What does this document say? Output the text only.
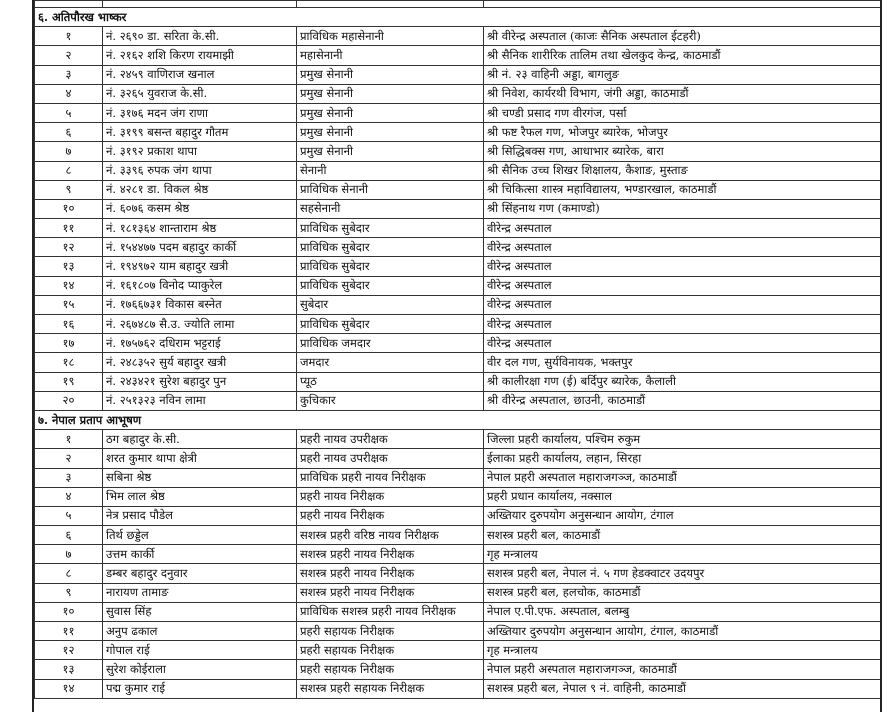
६. अतिपौरख भाष्कर			
१	नं. २६९० डा. सरिता के.सी.	प्राविधिक महासेनानी	श्री वीरेन्द्र अस्पताल (काजः सैनिक अस्पताल ईटहरी)
२	नं. २१६२ शशि किरण रायमाझी	महासेनानी	श्री सैनिक शारीरिक तालिम तथा खेलकुद केन्द्र, काठमाडौं
३	नं. २४५९ वाणिराज खनाल	प्रमुख सेनानी	श्री नं. २३ वाहिनी अड्डा, बागलुङ
४	नं. ३२६५ युवराज के.सी.	प्रमुख सेनानी	श्री निवेश, कार्यरथी विभाग, जंगी अड्डा, काठमाडौं
५	नं. ३१७६ मदन जंग राणा	प्रमुख सेनानी	श्री चण्डी प्रसाद गण वीरगंज, पर्सा
६	नं. ३१९९ बसन्त बहादुर गौतम	प्रमुख सेनानी	श्री फष्ट रैफल गण, भोजपुर ब्यारेक, भोजपुर
७	नं. ३१९२ प्रकाश थापा	प्रमुख सेनानी	श्री सिद्धिबक्स गण, आधाभार ब्यारेक, बारा
८	नं. ३३९६ रुपक जंग थापा	सेनानी	श्री सैनिक उच्च शिखर शिक्षालय, कैशाङ, मुस्ताङ
९	नं. ४२८१ डा. विकल श्रेष्ठ	प्राविधिक सेनानी	श्री चिकित्सा शास्त्र महाविद्यालय, भण्डारखाल, काठमाडौं
१०	नं. ६०७६ कसम श्रेष्ठ	सहसेनानी	श्री सिंहनाथ गण (कमाण्डो)
११	नं. १८१३६४ शान्ताराम श्रेष्ठ	प्राविधिक सुबेदार	वीरेन्द्र अस्पताल
१२	नं. १५४४७७ पदम बहादुर कार्की	प्राविधिक सुबेदार	वीरेन्द्र अस्पताल
१३	नं. १९४९७२ याम बहादुर खत्री	प्राविधिक सुबेदार	वीरेन्द्र अस्पताल
१४	नं. १६१८०७ विनोद प्याकुरेल	प्राविधिक सुबेदार	वीरेन्द्र अस्पताल
१५	नं. १७६६७३१ विकास बस्नेत	सुबेदार	वीरेन्द्र अस्पताल
१६	नं. २६७४८७ सै.उ. ज्योति लामा	प्राविधिक सुबेदार	वीरेन्द्र अस्पताल
१७	नं. १७५७६२ दधिराम भट्टराई	प्राविधिक जमदार	वीरेन्द्र अस्पताल
१८	नं. २४८३५२ सुर्य बहादुर खत्री	जमदार	वीर दल गण, सुर्यविनायक, भक्तपुर
१९	नं. २४३४२१ सुरेश बहादुर पुन	प्यूठ	श्री कालीरक्षा गण (ई) बर्दिपुर ब्यारेक, कैलाली
२०	नं. २५१३२३ नविन लामा	कुचिकार	श्री वीरेन्द्र अस्पताल, छाउनी, काठमाडौं
७. नेपाल प्रताप आभूषण			
१	ठग बहादुर के.सी.	प्रहरी नायव उपरीक्षक	जिल्ला प्रहरी कार्यालय, पश्चिम रुकुम
२	शरत कुमार थापा क्षेत्री	प्रहरी नायव उपरीक्षक	ईलाका प्रहरी कार्यालय, लहान, सिरहा
३	सबिना श्रेष्ठ	प्राविधिक प्रहरी नायव निरीक्षक	नेपाल प्रहरी अस्पताल महाराजगञ्ज, काठमाडौं
४	भिम लाल श्रेष्ठ	प्रहरी नायव निरीक्षक	प्रहरी प्रधान कार्यालय, नक्साल
५	नेत्र प्रसाद पौडेल	प्रहरी नायव निरीक्षक	अख्तियार दुरुपयोग अनुसन्धान आयोग, टंगाल
६	तिर्थ छड्डेल	सशस्त्र प्रहरी वरिष्ठ नायव निरीक्षक	सशस्त्र प्रहरी बल, काठमाडौं
७	उत्तम कार्की	सशस्त्र प्रहरी नायव निरीक्षक	गृह मन्त्रालय
८	डम्बर बहादुर दनुवार	सशस्त्र प्रहरी नायव निरीक्षक	सशस्त्र प्रहरी बल, नेपाल नं. ५ गण हेडक्वाटर उदयपुर
९	नारायण तामाङ	सशस्त्र प्रहरी नायव निरीक्षक	सशस्त्र प्रहरी बल, हलचोक, काठमाडौं
१०	सुवास सिंह	प्राविधिक सशस्त्र प्रहरी नायव निरीक्षक	नेपाल ए.पी.एफ. अस्पताल, बलम्बु
११	अनुप ढकाल	प्रहरी सहायक निरीक्षक	अख्तियार दुरुपयोग अनुसन्धान आयोग, टंगाल, काठमाडौं
१२	गोपाल राई	प्रहरी सहायक निरीक्षक	गृह मन्त्रालय
१३	सुरेश कोईराला	प्रहरी सहायक निरीक्षक	नेपाल प्रहरी अस्पताल महाराजगञ्ज, काठमाडौं
१४	पद्म कुमार राई	सशस्त्र प्रहरी सहायक निरीक्षक	सशस्त्र प्रहरी बल, नेपाल ९ नं. वाहिनी, काठमाडौं
